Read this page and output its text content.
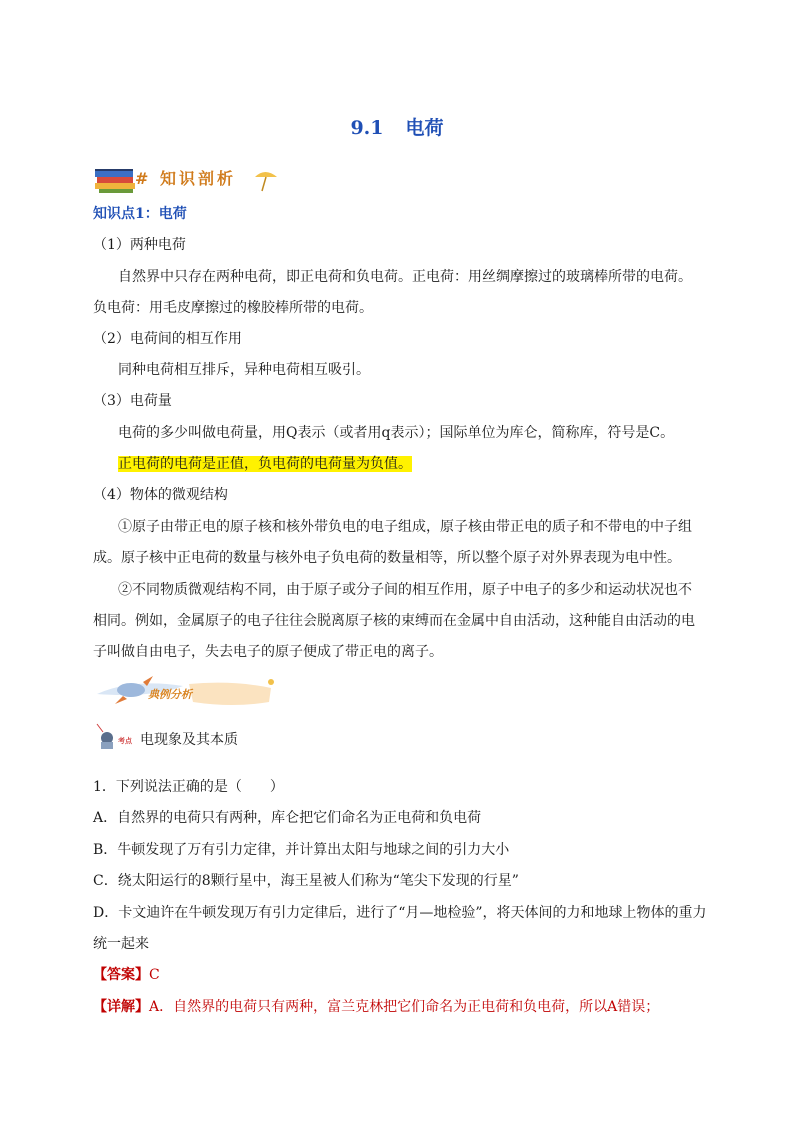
9.1 电荷
# 知识剖析
知识点1：电荷
（1）两种电荷
自然界中只存在两种电荷，即正电荷和负电荷。正电荷：用丝绸摩擦过的玻璃棒所带的电荷。
负电荷：用毛皮摩擦过的橡胶棒所带的电荷。
（2）电荷间的相互作用
同种电荷相互排斥，异种电荷相互吸引。
（3）电荷量
电荷的多少叫做电荷量，用Q表示（或者用q表示）；国际单位为库仑，简称库，符号是C。
正电荷的电荷是正值，负电荷的电荷量为负值。
（4）物体的微观结构
①原子由带正电的原子核和核外带负电的电子组成，原子核由带正电的质子和不带电的中子组
成。原子核中正电荷的数量与核外电子负电荷的数量相等，所以整个原子对外界表现为电中性。
②不同物质微观结构不同，由于原子或分子间的相互作用，原子中电子的多少和运动状况也不
相同。例如，金属原子的电子往往会脱离原子核的束缚而在金属中自由活动，这种能自由活动的电
子叫做自由电子，失去电子的原子便成了带正电的离子。
典例分析
考点 电现象及其本质
1．下列说法正确的是（　　）
A．自然界的电荷只有两种，库仑把它们命名为正电荷和负电荷
B．牛顿发现了万有引力定律，并计算出太阳与地球之间的引力大小
C．绕太阳运行的8颗行星中，海王星被人们称为“笔尖下发现的行星”
D．卡文迪许在牛顿发现万有引力定律后，进行了“月—地检验”，将天体间的力和地球上物体的重力
统一起来
【答案】C
【详解】A．自然界的电荷只有两种，富兰克林把它们命名为正电荷和负电荷，所以A错误；
